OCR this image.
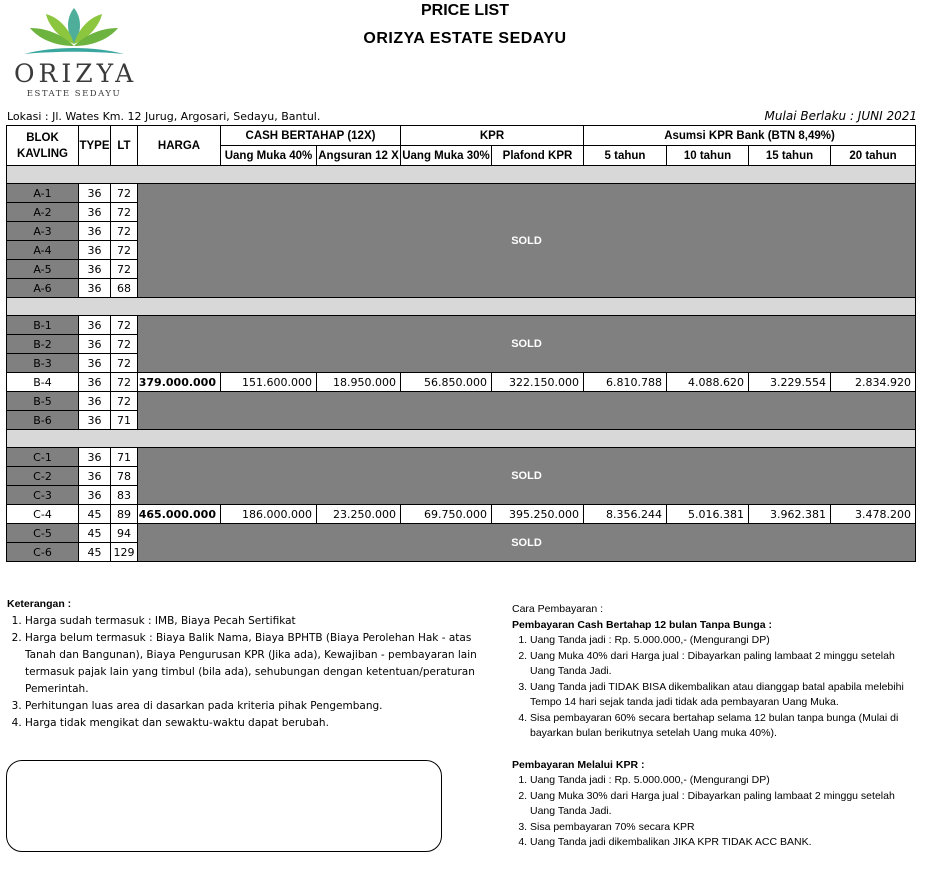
ORIZYA
ESTATE SEDAYU
PRICE LIST
ORIZYA ESTATE SEDAYU
Lokasi : Jl. Wates Km. 12 Jurug, Argosari, Sedayu, Bantul.	Mulai Berlaku : JUNI 2021
BLOK KAVLING	TYPE	LT	HARGA	CASH BERTAHAP (12X)		KPR		Asumsi KPR Bank (BTN 8,49%)			
				Uang Muka 40%	Angsuran 12 X	Uang Muka 30%	Plafond KPR	5 tahun	10 tahun	15 tahun	20 tahun

A-1	36	72	SOLD								
A-2	36	72									
A-3	36	72									
A-4	36	72									
A-5	36	72									
A-6	36	68									

B-1	36	72	SOLD								
B-2	36	72									
B-3	36	72									
B-4	36	72	379.000.000	151.600.000	18.950.000	56.850.000	322.150.000	6.810.788	4.088.620	3.229.554	2.834.920
B-5	36	72									
B-6	36	71									

C-1	36	71	SOLD								
C-2	36	78									
C-3	36	83									
C-4	45	89	465.000.000	186.000.000	23.250.000	69.750.000	395.250.000	8.356.244	5.016.381	3.962.381	3.478.200
C-5	45	94	SOLD								
C-6	45	129									
Keterangan :
1. Harga sudah termasuk : IMB, Biaya Pecah Sertifikat
2. Harga belum termasuk : Biaya Balik Nama, Biaya BPHTB (Biaya Perolehan Hak - atas Tanah dan Bangunan), Biaya Pengurusan KPR (Jika ada), Kewajiban - pembayaran lain termasuk pajak lain yang timbul (bila ada), sehubungan dengan ketentuan/peraturan Pemerintah.
3. Perhitungan luas area di dasarkan pada kriteria pihak Pengembang.
4. Harga tidak mengikat dan sewaktu-waktu dapat berubah.
Cara Pembayaran :
Pembayaran Cash Bertahap 12 bulan Tanpa Bunga :
1. Uang Tanda jadi : Rp. 5.000.000,- (Mengurangi DP)
2. Uang Muka 40% dari Harga jual : Dibayarkan paling lambaat 2 minggu setelah Uang Tanda Jadi.
3. Uang Tanda jadi TIDAK BISA dikembalikan atau dianggap batal apabila melebihi Tempo 14 hari sejak tanda jadi tidak ada pembayaran Uang Muka.
4. Sisa pembayaran 60% secara bertahap selama 12 bulan tanpa bunga (Mulai di bayarkan bulan berikutnya setelah Uang muka 40%).
Pembayaran Melalui KPR :
1. Uang Tanda jadi : Rp. 5.000.000,- (Mengurangi DP)
2. Uang Muka 30% dari Harga jual : Dibayarkan paling lambaat 2 minggu setelah Uang Tanda Jadi.
3. Sisa pembayaran 70% secara KPR
4. Uang Tanda jadi dikembalikan JIKA KPR TIDAK ACC BANK.
